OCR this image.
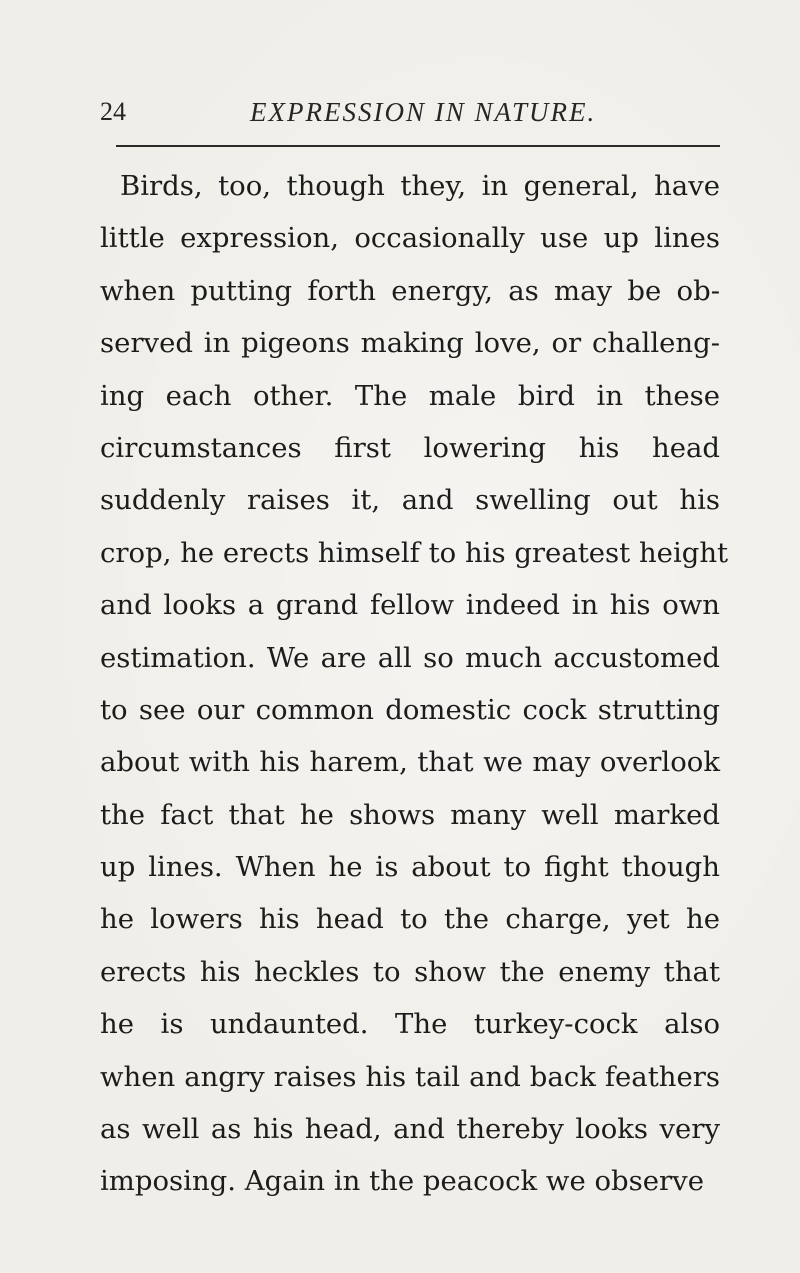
24	EXPRESSION IN NATURE.
Birds, too, though they, in general, have
little expression, occasionally use up lines
when putting forth energy, as may be ob-
served in pigeons making love, or challeng-
ing each other. The male bird in these
circumstances first lowering his head
suddenly raises it, and swelling out his
crop, he erects himself to his greatest height
and looks a grand fellow indeed in his own
estimation. We are all so much accustomed
to see our common domestic cock strutting
about with his harem, that we may overlook
the fact that he shows many well marked
up lines. When he is about to fight though
he lowers his head to the charge, yet he
erects his heckles to show the enemy that
he is undaunted. The turkey-cock also
when angry raises his tail and back feathers
as well as his head, and thereby looks very
imposing. Again in the peacock we observe
